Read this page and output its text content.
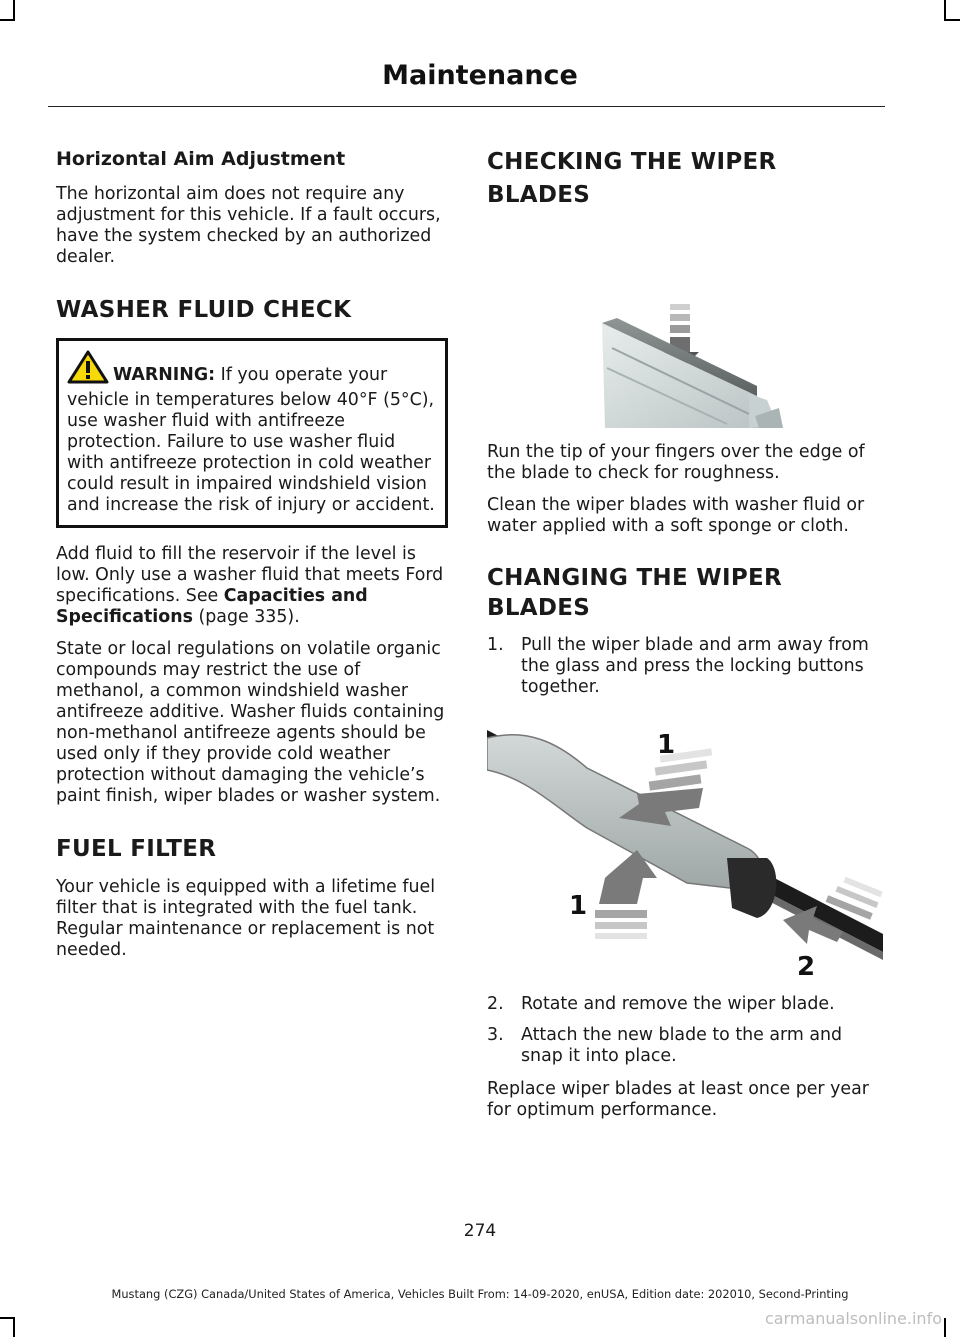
Maintenance
Horizontal Aim Adjustment

The horizontal aim does not require any adjustment for this vehicle. If a fault occurs, have the system checked by an authorized dealer.

WASHER FLUID CHECK
WARNING: If you operate your vehicle in temperatures below 40°F (5°C), use washer fluid with antifreeze protection. Failure to use washer fluid with antifreeze protection in cold weather could result in impaired windshield vision and increase the risk of injury or accident.

Add fluid to fill the reservoir if the level is low. Only use a washer fluid that meets Ford specifications. See Capacities and Specifications (page 335).

State or local regulations on volatile organic compounds may restrict the use of methanol, a common windshield washer antifreeze additive. Washer fluids containing non-methanol antifreeze agents should be used only if they provide cold weather protection without damaging the vehicle’s paint finish, wiper blades or washer system.

FUEL FILTER

Your vehicle is equipped with a lifetime fuel filter that is integrated with the fuel tank. Regular maintenance or replacement is not needed.

CHECKING THE WIPER BLADES

Run the tip of your fingers over the edge of the blade to check for roughness.

Clean the wiper blades with washer fluid or water applied with a soft sponge or cloth.

CHANGING THE WIPER BLADES
1. Pull the wiper blade and arm away from the glass and press the locking buttons together.
1
1
2
2. Rotate and remove the wiper blade.
3. Attach the new blade to the arm and snap it into place.

Replace wiper blades at least once per year for optimum performance.

274
Mustang (CZG) Canada/United States of America, Vehicles Built From: 14-09-2020, enUSA, Edition date: 202010, Second-Printing
carmanualsonline.info
